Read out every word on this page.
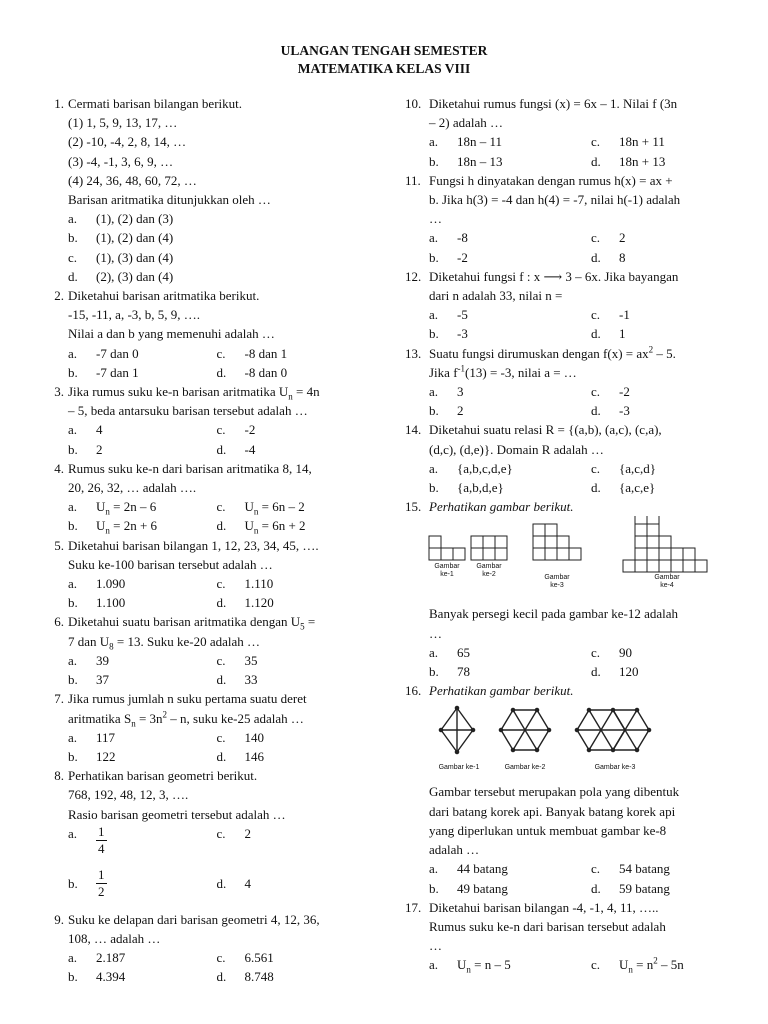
ULANGAN TENGAH SEMESTER
MATEMATIKA KELAS VIII
1. Cermati barisan bilangan berikut.
(1) 1, 5, 9, 13, 17, …
(2) -10, -4, 2, 8, 14, …
(3) -4, -1, 3, 6, 9, …
(4) 24, 36, 48, 60, 72, …
Barisan aritmatika ditunjukkan oleh …
a.	(1), (2) dan (3)
b.	(1), (2) dan (4)
c.	(1), (3) dan (4)
d.	(2), (3) dan (4)
2. Diketahui barisan aritmatika berikut.
-15, -11, a, -3, b, 5, 9, ….
Nilai a dan b yang memenuhi adalah …
a.	-7 dan 0	c.	-8 dan 1
b.	-7 dan 1	d.	-8 dan 0
3. Jika rumus suku ke-n barisan aritmatika $U_n = 4n$
– 5, beda antarsuku barisan tersebut adalah …
a.	4	c.	-2
b.	2	d.	-4
4. Rumus suku ke-n dari barisan aritmatika 8, 14,
20, 26, 32, … adalah ….
a.	$U_n = 2n - 6$	c.	$U_n = 6n - 2$
b.	$U_n = 2n + 6$	d.	$U_n = 6n + 2$
5. Diketahui barisan bilangan 1, 12, 23, 34, 45, ….
Suku ke-100 barisan tersebut adalah …
a.	1.090	c.	1.110
b.	1.100	d.	1.120
6. Diketahui suatu barisan aritmatika dengan $U_5$ =
7 dan $U_8 = 13$. Suku ke-20 adalah …
a.	39	c.	35
b.	37	d.	33
7. Jika rumus jumlah n suku pertama suatu deret
aritmatika $S_n = 3n^2 - n$, suku ke-25 adalah …
a.	117	c.	140
b.	122	d.	146
8. Perhatikan barisan geometri berikut.
768, 192, 48, 12, 3, ….
Rasio barisan geometri tersebut adalah …
a.	$\frac{1}{4}$	c.	2
b.	$\frac{1}{2}$	d.	4
9. Suku ke delapan dari barisan geometri 4, 12, 36,
108, … adalah …
a.	2.187	c.	6.561
b.	4.394	d.	8.748
10. Diketahui rumus fungsi (x) = 6x – 1. Nilai f (3n
– 2) adalah …
a.	18n – 11	c.	18n + 11
b.	18n – 13	d.	18n + 13
11. Fungsi h dinyatakan dengan rumus h(x) = ax +
b. Jika h(3) = -4 dan h(4) = -7, nilai h(-1) adalah
…
a.	-8	c.	2
b.	-2	d.	8
12. Diketahui fungsi f : x ⟶ 3 – 6x. Jika bayangan
dari n adalah 33, nilai n =
a.	-5	c.	-1
b.	-3	d.	1
13. Suatu fungsi dirumuskan dengan $f(x) = ax^2 - 5$.
Jika $f^{-1}(13) = -3$, nilai a = …
a.	3	c.	-2
b.	2	d.	-3
14. Diketahui suatu relasi R = {(a,b), (a,c), (c,a),
(d,c), (d,e)}. Domain R adalah …
a.	{a,b,c,d,e}	c.	{a,c,d}
b.	{a,b,d,e}	d.	{a,c,e}
15. Perhatikan gambar berikut.
Gambar
ke-1
Gambar
ke-2	Gambar
ke-3
Gambar
ke-4
Banyak persegi kecil pada gambar ke-12 adalah
…
a.	65	c.	90
b.	78	d.	120
16. Perhatikan gambar berikut.
Gambar ke-1	Gambar ke-2	Gambar ke-3
Gambar tersebut merupakan pola yang dibentuk
dari batang korek api. Banyak batang korek api
yang diperlukan untuk membuat gambar ke-8
adalah …
a.	44 batang	c.	54 batang
b.	49 batang	d.	59 batang
17. Diketahui barisan bilangan -4, -1, 4, 11, …..
Rumus suku ke-n dari barisan tersebut adalah
…
a.	$U_n = n - 5$	c.	$U_n = n^2 - 5n$
